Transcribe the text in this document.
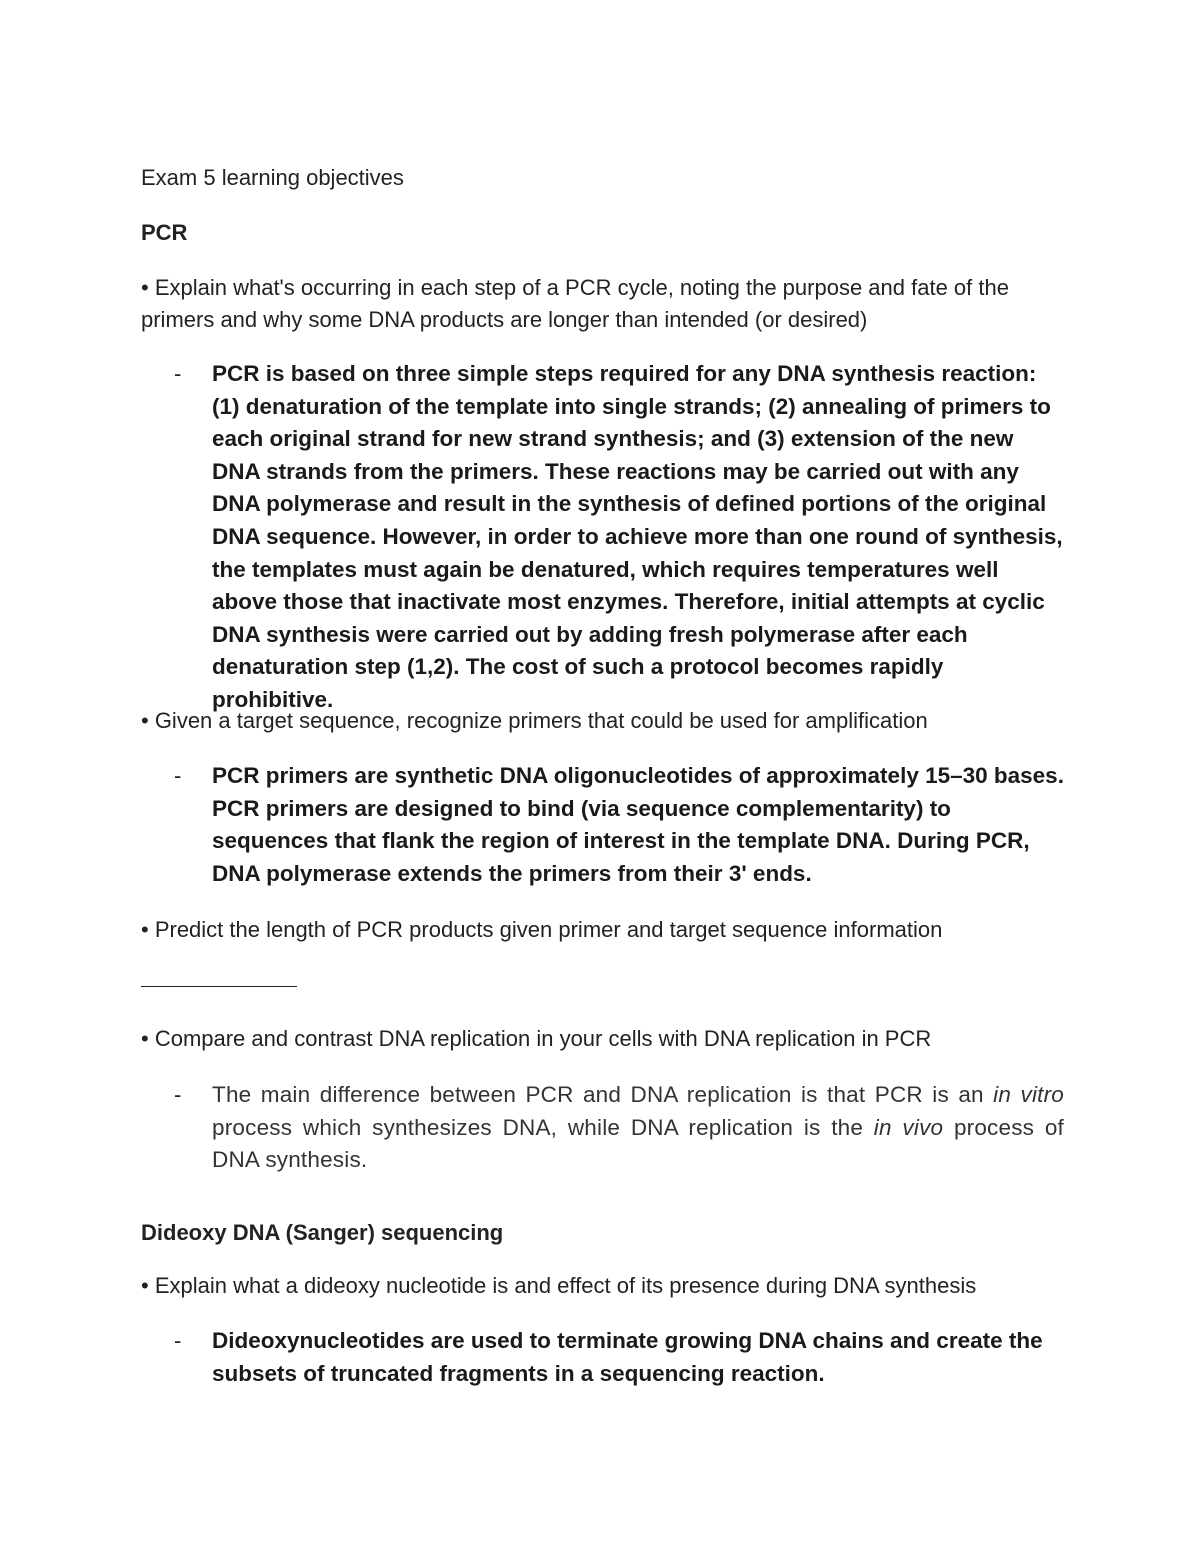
Exam 5 learning objectives

PCR

• Explain what's occurring in each step of a PCR cycle, noting the purpose and fate of the primers and why some DNA products are longer than intended (or desired)

-	PCR is based on three simple steps required for any DNA synthesis reaction: (1) denaturation of the template into single strands; (2) annealing of primers to each original strand for new strand synthesis; and (3) extension of the new DNA strands from the primers. These reactions may be carried out with any DNA polymerase and result in the synthesis of defined portions of the original DNA sequence. However, in order to achieve more than one round of synthesis, the templates must again be denatured, which requires temperatures well above those that inactivate most enzymes. Therefore, initial attempts at cyclic DNA synthesis were carried out by adding fresh polymerase after each denaturation step (1,2). The cost of such a protocol becomes rapidly prohibitive.

• Given a target sequence, recognize primers that could be used for amplification

-	PCR primers are synthetic DNA oligonucleotides of approximately 15–30 bases. PCR primers are designed to bind (via sequence complementarity) to sequences that flank the region of interest in the template DNA. During PCR, DNA polymerase extends the primers from their 3' ends.

• Predict the length of PCR products given primer and target sequence information

• Compare and contrast DNA replication in your cells with DNA replication in PCR

-	The main difference between PCR and DNA replication is that PCR is an in vitro process which synthesizes DNA, while DNA replication is the in vivo process of DNA synthesis.

Dideoxy DNA (Sanger) sequencing

• Explain what a dideoxy nucleotide is and effect of its presence during DNA synthesis

-	Dideoxynucleotides are used to terminate growing DNA chains and create the subsets of truncated fragments in a sequencing reaction.
